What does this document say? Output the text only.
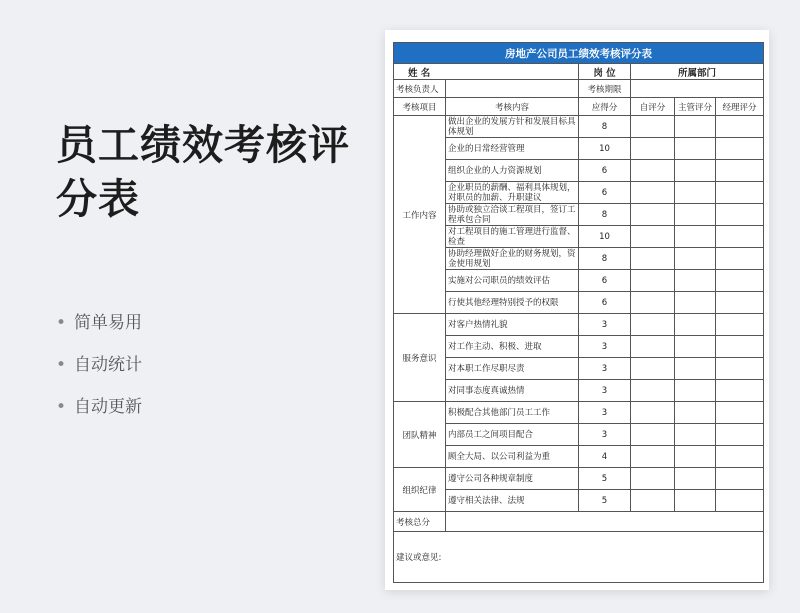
员工绩效考核评分表
• 简单易用
• 自动统计
• 自动更新
房地产公司员工绩效考核评分表					
姓 名		岗 位	所属部门		
考核负责人		考核期限			
考核项目	考核内容	应得分	自评分	主管评分	经理评分
工作内容	做出企业的发展方针和发展目标具体规划	8			

	企业的日常经营管理	10			

	组织企业的人力资源规划	6			

	企业职员的薪酬、福利具体规划，对职员的加薪、升职建议	6			

	协助或独立洽谈工程项目，签订工程承包合同	8			

	对工程项目的施工管理进行监督、检查	10			

	协助经理做好企业的财务规划，资金使用规划	8			

	实施对公司职员的绩效评估	6			

	行使其他经理特别授予的权限	6			
服务意识	对客户热情礼貌	3			

	对工作主动、积极、进取	3			

	对本职工作尽职尽责	3			

	对同事态度真诚热情	3			
团队精神	积极配合其他部门员工工作	3			

	内部员工之间项目配合	3			

	顾全大局、以公司利益为重	4			
组织纪律	遵守公司各种规章制度	5			

	遵守相关法律、法规	5			
考核总分					
建议或意见:					
